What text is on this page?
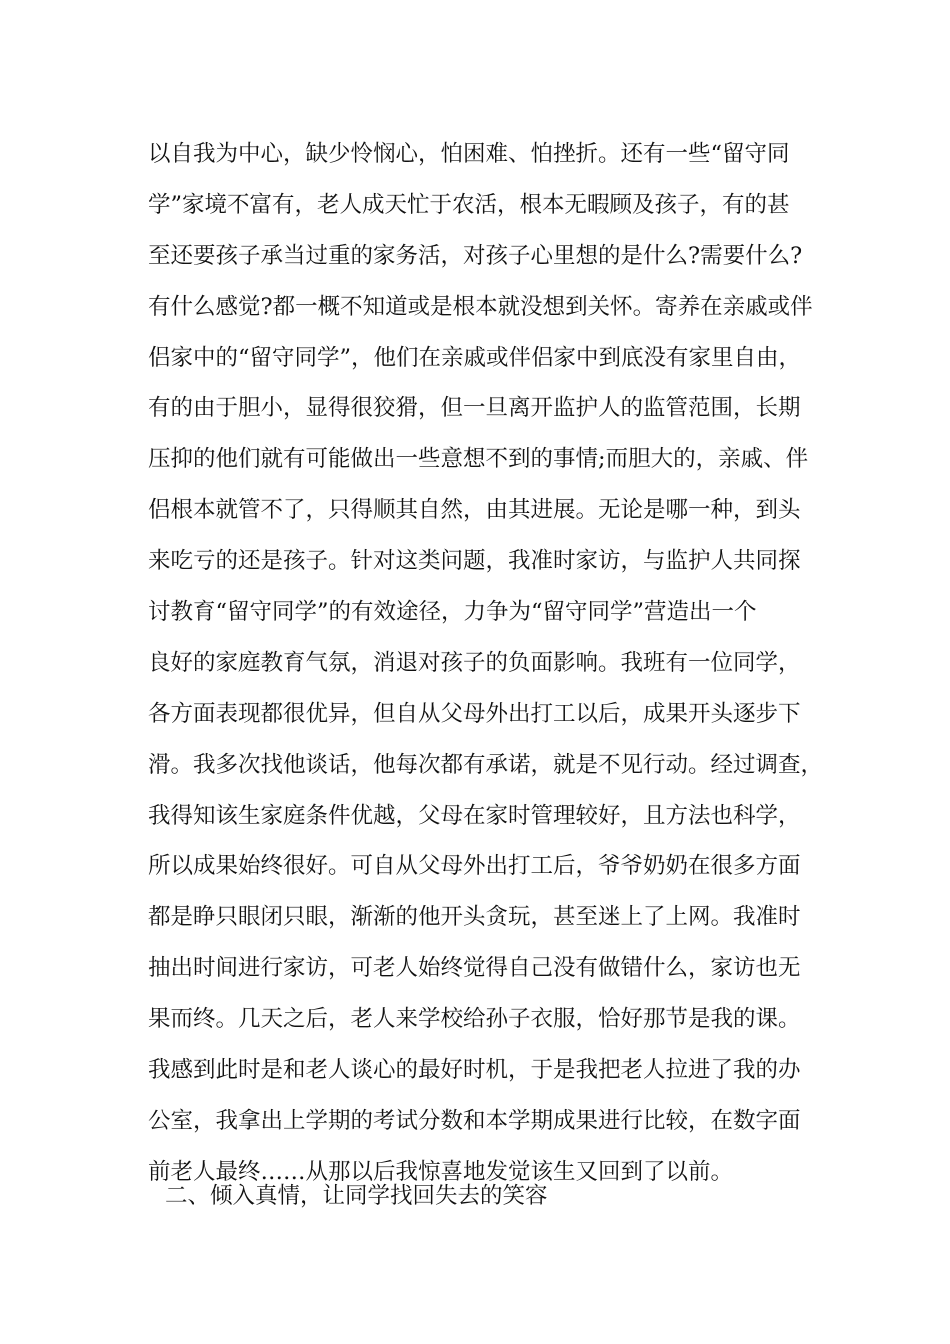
以自我为中心，缺少怜悯心，怕困难、怕挫折。还有一些“留守同
学”家境不富有，老人成天忙于农活，根本无暇顾及孩子，有的甚
至还要孩子承当过重的家务活，对孩子心里想的是什么?需要什么?
有什么感觉?都一概不知道或是根本就没想到关怀。寄养在亲戚或伴
侣家中的“留守同学”，他们在亲戚或伴侣家中到底没有家里自由，
有的由于胆小，显得很狡猾，但一旦离开监护人的监管范围，长期
压抑的他们就有可能做出一些意想不到的事情;而胆大的，亲戚、伴
侣根本就管不了，只得顺其自然，由其进展。无论是哪一种，到头
来吃亏的还是孩子。针对这类问题，我准时家访，与监护人共同探
讨教育“留守同学”的有效途径，力争为“留守同学”营造出一个
良好的家庭教育气氛，消退对孩子的负面影响。我班有一位同学，
各方面表现都很优异，但自从父母外出打工以后，成果开头逐步下
滑。我多次找他谈话，他每次都有承诺，就是不见行动。经过调查，
我得知该生家庭条件优越，父母在家时管理较好，且方法也科学，
所以成果始终很好。可自从父母外出打工后，爷爷奶奶在很多方面
都是睁只眼闭只眼，渐渐的他开头贪玩，甚至迷上了上网。我准时
抽出时间进行家访，可老人始终觉得自己没有做错什么，家访也无
果而终。几天之后，老人来学校给孙子衣服，恰好那节是我的课。
我感到此时是和老人谈心的最好时机，于是我把老人拉进了我的办
公室，我拿出上学期的考试分数和本学期成果进行比较，在数字面
前老人最终……从那以后我惊喜地发觉该生又回到了以前。
二、倾入真情，让同学找回失去的笑容
